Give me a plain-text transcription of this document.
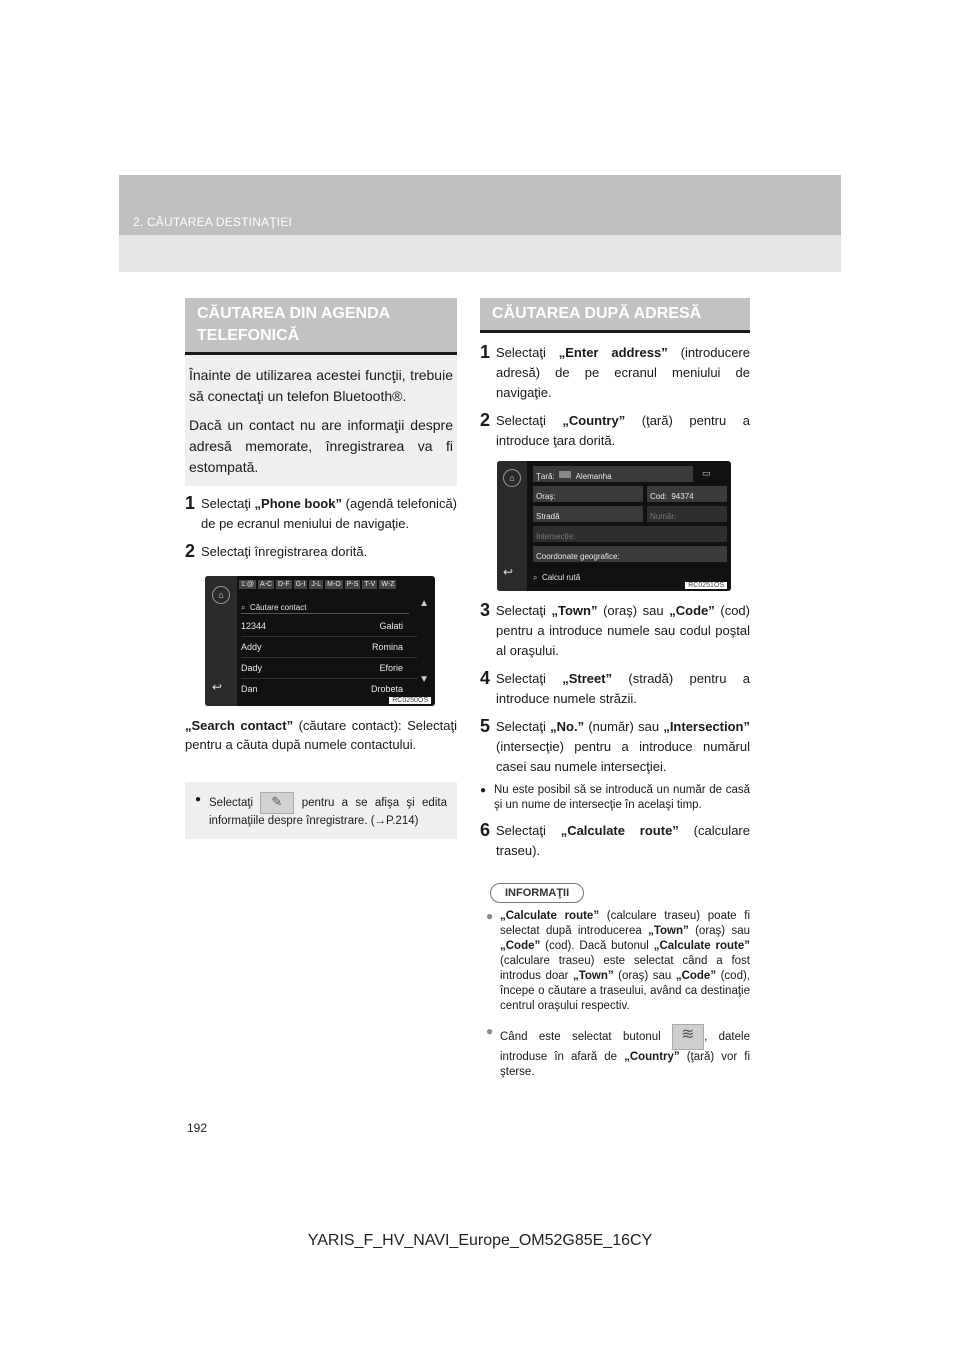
2. CĂUTAREA DESTINAŢIEI
CĂUTAREA DIN AGENDA TELEFONICĂ

Înainte de utilizarea acestei funcţii, trebuie să conectaţi un telefon Bluetooth®.

Dacă un contact nu are informaţii despre adresă memorate, înregistrarea va fi estompată.

1 Selectaţi „Phone book” (agendă telefonică) de pe ecranul meniului de navigaţie.
2 Selectaţi înregistrarea dorită.
⌂
↩
1:@ A-C D-F G-I J-L M-O P-S T-V W-Z
⌕ Căutare contact
12344	Galati
Addy	Romina
Dady	Eforie
Dan	Drobeta
▲
▼
RC0250OS
„Search contact” (căutare contact): Selectaţi pentru a căuta după numele contactului.
● Selectaţi ✎	pentru a se afişa şi edita informaţiile despre înregistrare. (→P.214)
CĂUTAREA DUPĂ ADRESĂ
1 Selectaţi „Enter address” (introducere adresă) de pe ecranul meniului de navigaţie.
2 Selectaţi „Country” (ţară) pentru a introduce ţara dorită.
⌂
↩
Ţară:	Alemanha	▭
Oraş:	Cod: 94374
Stradă	Număr:
Intersecţie:
Coordonate geografice:
⌕ Calcul rută
RC0251OS
3 Selectaţi „Town” (oraş) sau „Code” (cod) pentru a introduce numele sau codul poştal al oraşului.
4 Selectaţi „Street” (stradă) pentru a introduce numele străzii.
5 Selectaţi „No.” (număr) sau „Intersection” (intersecţie) pentru a introduce numărul casei sau numele intersecţiei.
● Nu este posibil să se introducă un număr de casă şi un nume de intersecţie în acelaşi timp.
6 Selectaţi „Calculate route” (calculare traseu).
INFORMAŢII
● „Calculate route” (calculare traseu) poate fi selectat după introducerea „Town” (oraş) sau „Code” (cod). Dacă butonul „Calculate route” (calculare traseu) este selectat când a fost introdus doar „Town” (oraş) sau „Code” (cod), începe o căutare a traseului, având ca destinaţie centrul oraşului respectiv.
● Când este selectat butonul ≋	, datele introduse în afară de „Country” (ţară) vor fi şterse.
192
YARIS_F_HV_NAVI_Europe_OM52G85E_16CY
